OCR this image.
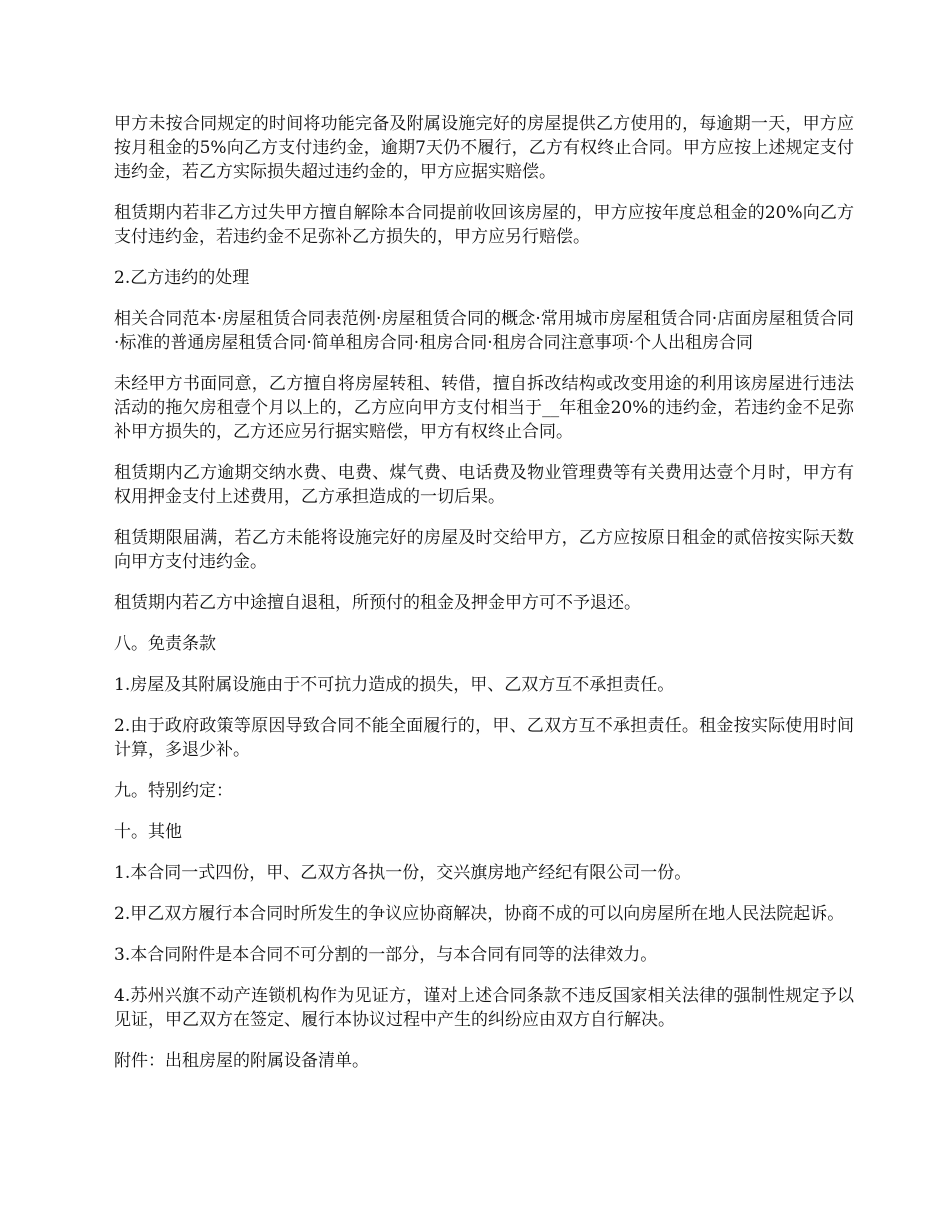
甲方未按合同规定的时间将功能完备及附属设施完好的房屋提供乙方使用的，每逾期一天，甲方应按月租金的5%向乙方支付违约金，逾期7天仍不履行，乙方有权终止合同。甲方应按上述规定支付违约金，若乙方实际损失超过违约金的，甲方应据实赔偿。

租赁期内若非乙方过失甲方擅自解除本合同提前收回该房屋的，甲方应按年度总租金的20%向乙方支付违约金，若违约金不足弥补乙方损失的，甲方应另行赔偿。

2.乙方违约的处理

相关合同范本·房屋租赁合同表范例·房屋租赁合同的概念·常用城市房屋租赁合同·店面房屋租赁合同·标准的普通房屋租赁合同·简单租房合同·租房合同·租房合同注意事项·个人出租房合同

未经甲方书面同意，乙方擅自将房屋转租、转借，擅自拆改结构或改变用途的利用该房屋进行违法活动的拖欠房租壹个月以上的，乙方应向甲方支付相当于__年租金20%的违约金，若违约金不足弥补甲方损失的，乙方还应另行据实赔偿，甲方有权终止合同。

租赁期内乙方逾期交纳水费、电费、煤气费、电话费及物业管理费等有关费用达壹个月时，甲方有权用押金支付上述费用，乙方承担造成的一切后果。

租赁期限届满，若乙方未能将设施完好的房屋及时交给甲方，乙方应按原日租金的贰倍按实际天数向甲方支付违约金。

租赁期内若乙方中途擅自退租，所预付的租金及押金甲方可不予退还。

八。免责条款

1.房屋及其附属设施由于不可抗力造成的损失，甲、乙双方互不承担责任。

2.由于政府政策等原因导致合同不能全面履行的，甲、乙双方互不承担责任。租金按实际使用时间计算，多退少补。

九。特别约定：

十。其他

1.本合同一式四份，甲、乙双方各执一份，交兴旗房地产经纪有限公司一份。

2.甲乙双方履行本合同时所发生的争议应协商解决，协商不成的可以向房屋所在地人民法院起诉。

3.本合同附件是本合同不可分割的一部分，与本合同有同等的法律效力。

4.苏州兴旗不动产连锁机构作为见证方，谨对上述合同条款不违反国家相关法律的强制性规定予以见证，甲乙双方在签定、履行本协议过程中产生的纠纷应由双方自行解决。

附件：出租房屋的附属设备清单。
